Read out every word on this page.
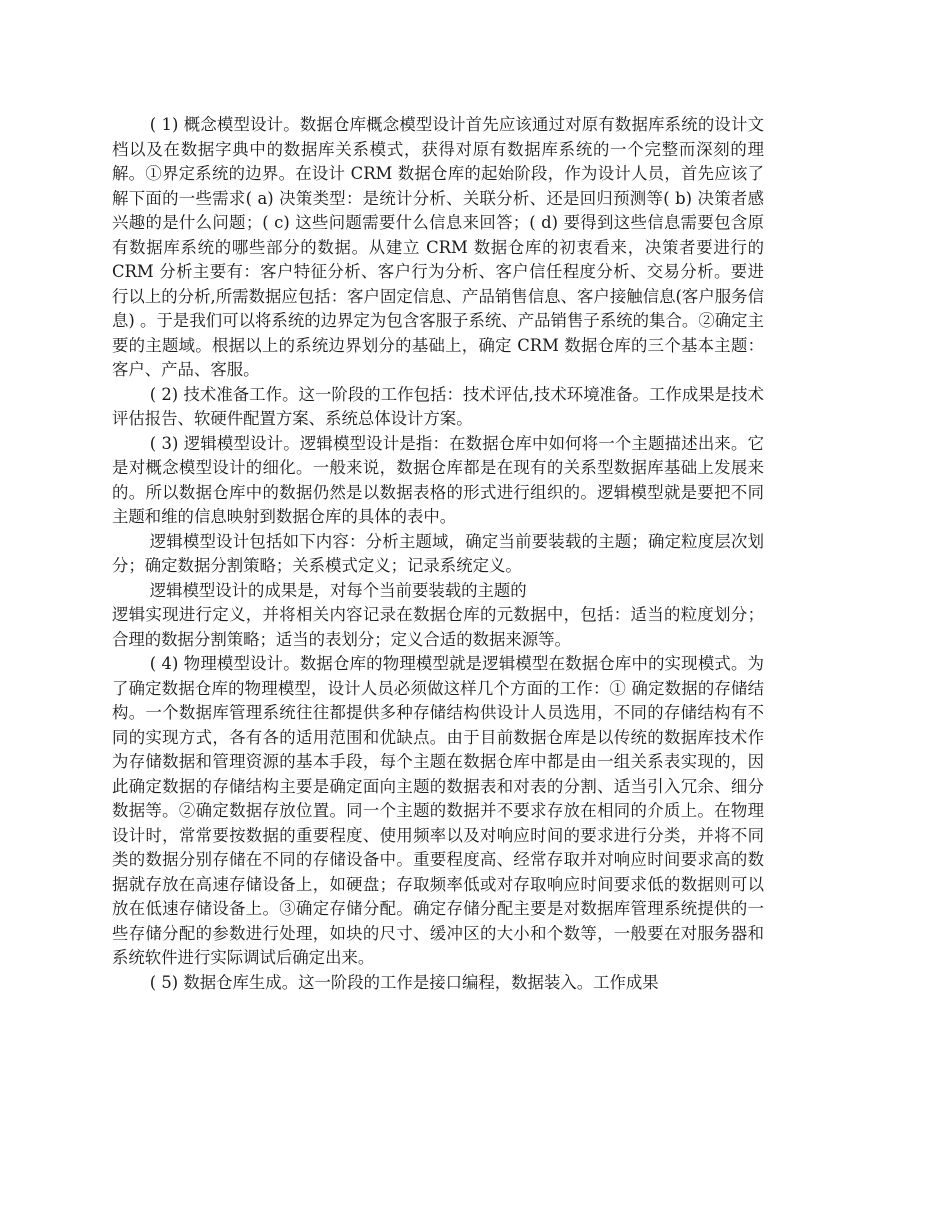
( 1) 概念模型设计。数据仓库概念模型设计首先应该通过对原有数据库系统的设计文档以及在数据字典中的数据库关系模式，获得对原有数据库系统的一个完整而深刻的理解。①界定系统的边界。在设计 CRM 数据仓库的起始阶段，作为设计人员，首先应该了解下面的一些需求( a) 决策类型：是统计分析、关联分析、还是回归预测等( b) 决策者感兴趣的是什么问题；( c) 这些问题需要什么信息来回答；( d) 要得到这些信息需要包含原有数据库系统的哪些部分的数据。从建立 CRM 数据仓库的初衷看来，决策者要进行的 CRM 分析主要有：客户特征分析、客户行为分析、客户信任程度分析、交易分析。要进行以上的分析,所需数据应包括：客户固定信息、产品销售信息、客户接触信息(客户服务信息) 。于是我们可以将系统的边界定为包含客服子系统、产品销售子系统的集合。②确定主要的主题域。根据以上的系统边界划分的基础上，确定 CRM 数据仓库的三个基本主题：客户、产品、客服。

( 2) 技术准备工作。这一阶段的工作包括：技术评估,技术环境准备。工作成果是技术评估报告、软硬件配置方案、系统总体设计方案。

( 3) 逻辑模型设计。逻辑模型设计是指：在数据仓库中如何将一个主题描述出来。它是对概念模型设计的细化。一般来说，数据仓库都是在现有的关系型数据库基础上发展来的。所以数据仓库中的数据仍然是以数据表格的形式进行组织的。逻辑模型就是要把不同主题和维的信息映射到数据仓库的具体的表中。

逻辑模型设计包括如下内容：分析主题域，确定当前要装载的主题；确定粒度层次划分；确定数据分割策略；关系模式定义；记录系统定义。

逻辑模型设计的成果是，对每个当前要装载的主题的

逻辑实现进行定义，并将相关内容记录在数据仓库的元数据中，包括：适当的粒度划分；合理的数据分割策略；适当的表划分；定义合适的数据来源等。

( 4) 物理模型设计。数据仓库的物理模型就是逻辑模型在数据仓库中的实现模式。为了确定数据仓库的物理模型，设计人员必须做这样几个方面的工作：① 确定数据的存储结构。一个数据库管理系统往往都提供多种存储结构供设计人员选用，不同的存储结构有不同的实现方式，各有各的适用范围和优缺点。由于目前数据仓库是以传统的数据库技术作为存储数据和管理资源的基本手段，每个主题在数据仓库中都是由一组关系表实现的，因此确定数据的存储结构主要是确定面向主题的数据表和对表的分割、适当引入冗余、细分数据等。②确定数据存放位置。同一个主题的数据并不要求存放在相同的介质上。在物理设计时，常常要按数据的重要程度、使用频率以及对响应时间的要求进行分类，并将不同类的数据分别存储在不同的存储设备中。重要程度高、经常存取并对响应时间要求高的数据就存放在高速存储设备上，如硬盘；存取频率低或对存取响应时间要求低的数据则可以放在低速存储设备上。③确定存储分配。确定存储分配主要是对数据库管理系统提供的一些存储分配的参数进行处理，如块的尺寸、缓冲区的大小和个数等，一般要在对服务器和系统软件进行实际调试后确定出来。

( 5) 数据仓库生成。这一阶段的工作是接口编程，数据装入。工作成果
